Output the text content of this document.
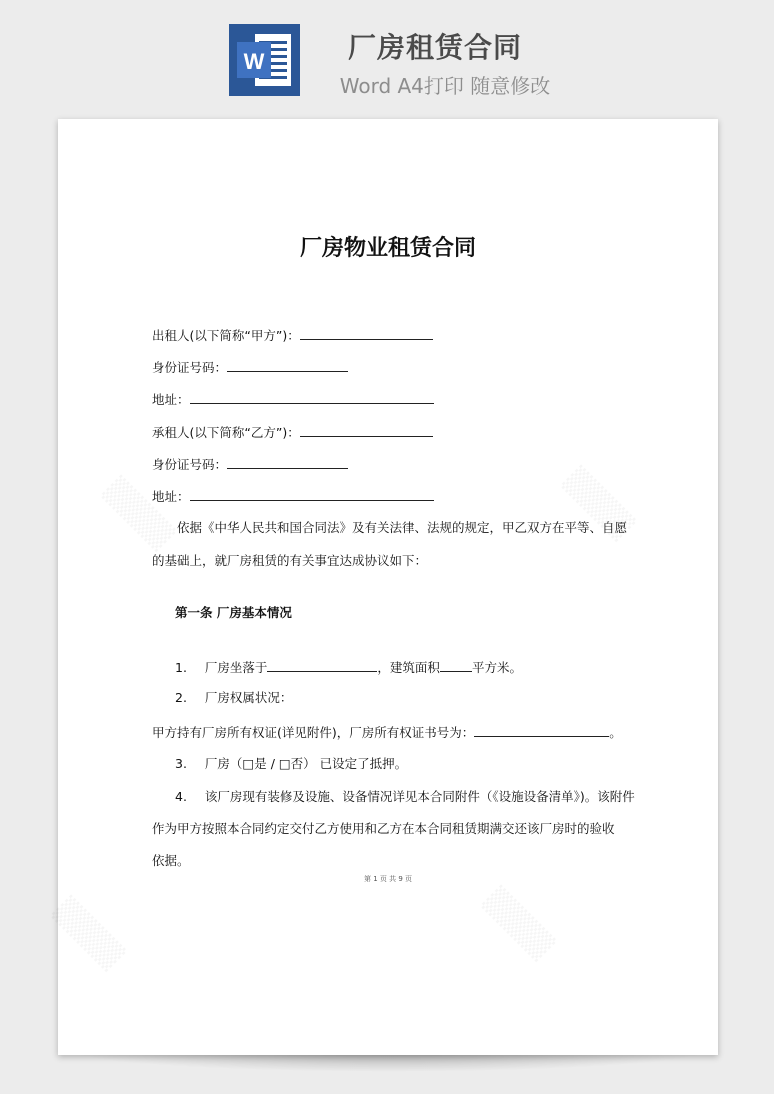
W	厂房租赁合同
Word A4打印 随意修改
厂房物业租赁合同
出租人(以下简称“甲方”)：
身份证号码：
地址：
承租人(以下简称“乙方”)：
身份证号码：
地址：
依据《中华人民共和国合同法》及有关法律、法规的规定，甲乙双方在平等、自愿
的基础上，就厂房租赁的有关事宜达成协议如下：
第一条 厂房基本情况
1. 厂房坐落于	，建筑面积	平方米。
2. 厂房权属状况：
甲方持有厂房所有权证(详见附件)，厂房所有权证书号为：	。
3. 厂房（□是 / □否） 已设定了抵押。
4. 该厂房现有装修及设施、设备情况详见本合同附件（《设施设备清单》)。该附件
作为甲方按照本合同约定交付乙方使用和乙方在本合同租赁期满交还该厂房时的验收
依据。
第 1 页 共 9 页
